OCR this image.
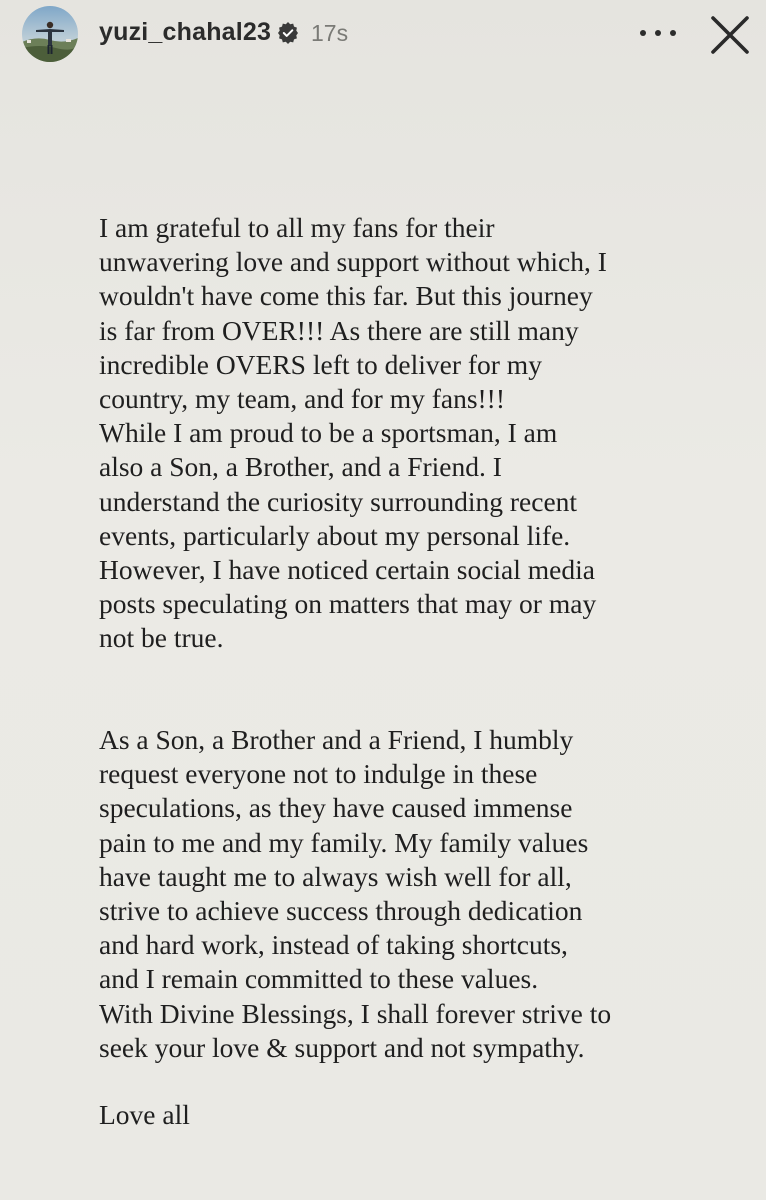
yuzi_chahal23 17s
I am grateful to all my fans for their
unwavering love and support without which, I
wouldn't have come this far. But this journey
is far from OVER!!! As there are still many
incredible OVERS left to deliver for my
country, my team, and for my fans!!!
While I am proud to be a sportsman, I am
also a Son, a Brother, and a Friend. I
understand the curiosity surrounding recent
events, particularly about my personal life.
However, I have noticed certain social media
posts speculating on matters that may or may
not be true.
As a Son, a Brother and a Friend, I humbly
request everyone not to indulge in these
speculations, as they have caused immense
pain to me and my family. My family values
have taught me to always wish well for all,
strive to achieve success through dedication
and hard work, instead of taking shortcuts,
and I remain committed to these values.
With Divine Blessings, I shall forever strive to
seek your love & support and not sympathy.
Love all
